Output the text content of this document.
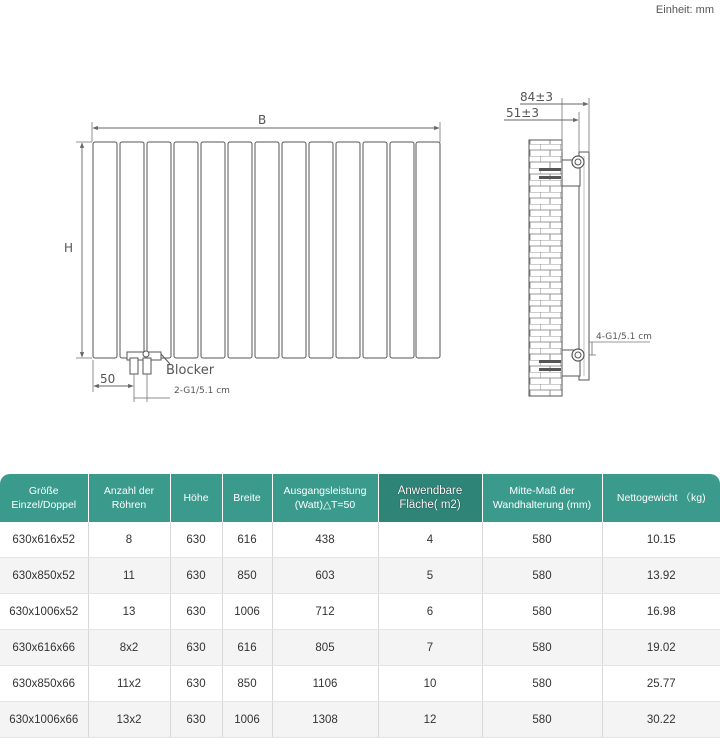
Einheit: mm
B
H
Blocker
50
2-G1/5.1 cm
84±3
51±3
4-G1/5.1 cm
Größe Einzel/Doppel	Anzahl der Röhren	Höhe	Breite	Ausgangsleistung (Watt)△T=50	Anwendbare Fläche( m2)	Mitte-Maß der Wandhalterung (mm)	Nettogewicht （kg)
630x616x52	8	630	616	438	4	580	10.15
630x850x52	11	630	850	603	5	580	13.92
630x1006x52	13	630	1006	712	6	580	16.98
630x616x66	8x2	630	616	805	7	580	19.02
630x850x66	11x2	630	850	1106	10	580	25.77
630x1006x66	13x2	630	1006	1308	12	580	30.22
